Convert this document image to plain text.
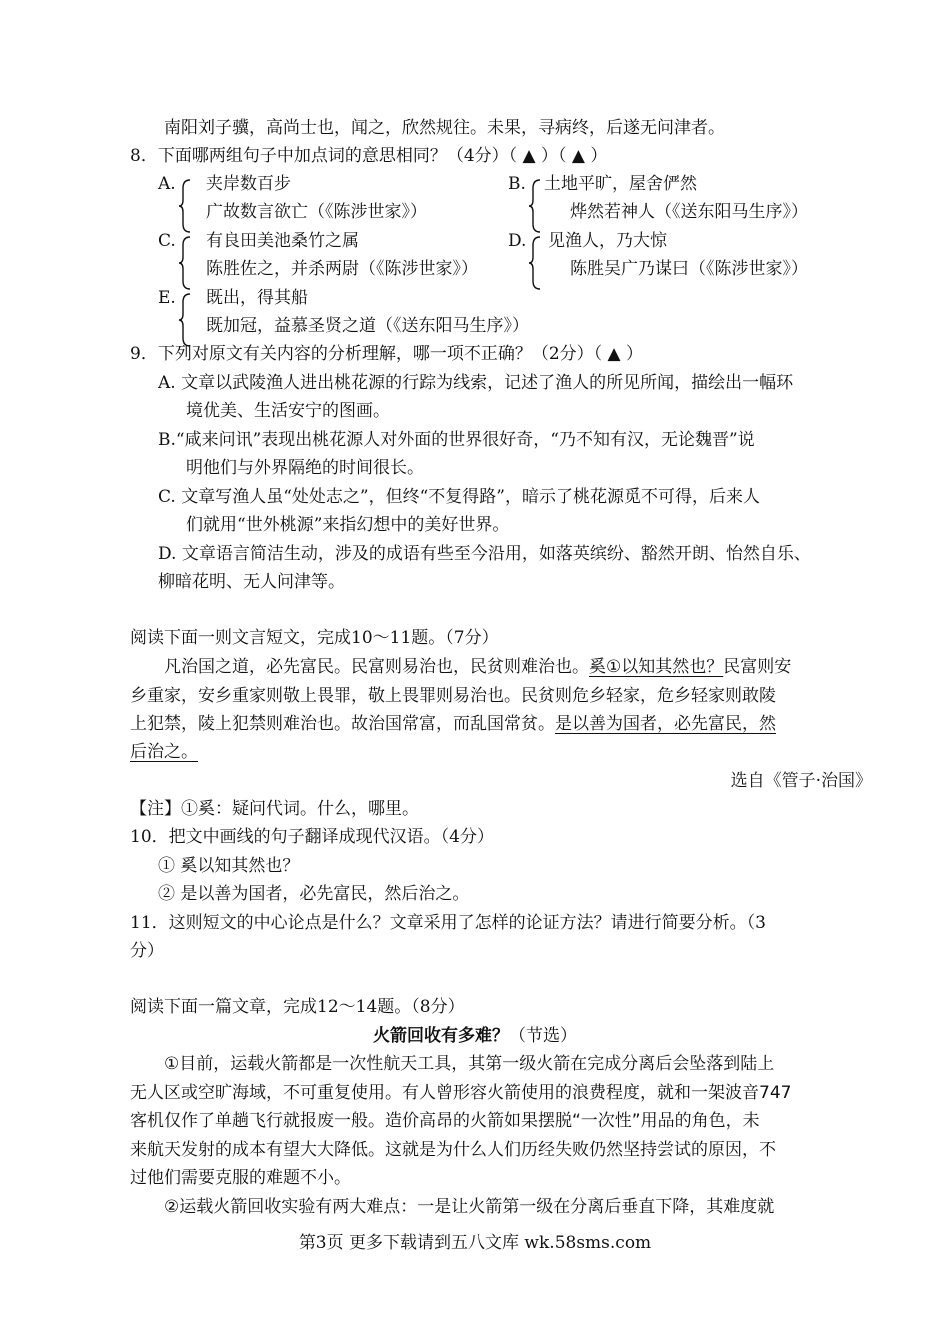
南阳刘子骥，高尚士也，闻之，欣然规往。未果，寻病终，后遂无问津者。
8．下面哪两组句子中加点词的意思相同？（4分）（ ▲ ）（ ▲ ）
A. 夹岸数百步
广故数言欲亡（《陈涉世家》）
B. 土地平旷，屋舍俨然
烨然若神人（《送东阳马生序》）
C. 有良田美池桑竹之属
陈胜佐之，并杀两尉（《陈涉世家》）
D. 见渔人，乃大惊
陈胜吴广乃谋曰（《陈涉世家》）
E. 既出，得其船
既加冠，益慕圣贤之道（《送东阳马生序》）
9．下列对原文有关内容的分析理解，哪一项不正确？（2分）（ ▲ ）
A. 文章以武陵渔人进出桃花源的行踪为线索，记述了渔人的所见所闻，描绘出一幅环
境优美、生活安宁的图画。
B.“咸来问讯”表现出桃花源人对外面的世界很好奇，“乃不知有汉，无论魏晋”说
明他们与外界隔绝的时间很长。
C. 文章写渔人虽“处处志之”，但终“不复得路”，暗示了桃花源觅不可得，后来人
们就用“世外桃源”来指幻想中的美好世界。
D. 文章语言简洁生动，涉及的成语有些至今沿用，如落英缤纷、豁然开朗、怡然自乐、
柳暗花明、无人问津等。
阅读下面一则文言短文，完成10～11题。（7分）
凡治国之道，必先富民。民富则易治也，民贫则难治也。奚①以知其然也？民富则安
乡重家，安乡重家则敬上畏罪，敬上畏罪则易治也。民贫则危乡轻家，危乡轻家则敢陵
上犯禁，陵上犯禁则难治也。故治国常富，而乱国常贫。是以善为国者，必先富民，然
后治之。
选自《管子·治国》
【注】①奚：疑问代词。什么，哪里。
10．把文中画线的句子翻译成现代汉语。（4分）
① 奚以知其然也？
② 是以善为国者，必先富民，然后治之。
11．这则短文的中心论点是什么？文章采用了怎样的论证方法？请进行简要分析。（3
分）
阅读下面一篇文章，完成12～14题。（8分）
火箭回收有多难？（节选）
①目前，运载火箭都是一次性航天工具，其第一级火箭在完成分离后会坠落到陆上
无人区或空旷海域，不可重复使用。有人曾形容火箭使用的浪费程度，就和一架波音747
客机仅作了单趟飞行就报废一般。造价高昂的火箭如果摆脱“一次性”用品的角色，未
来航天发射的成本有望大大降低。这就是为什么人们历经失败仍然坚持尝试的原因，不
过他们需要克服的难题不小。
②运载火箭回收实验有两大难点：一是让火箭第一级在分离后垂直下降，其难度就
第3页 更多下载请到五八文库 wk.58sms.com
